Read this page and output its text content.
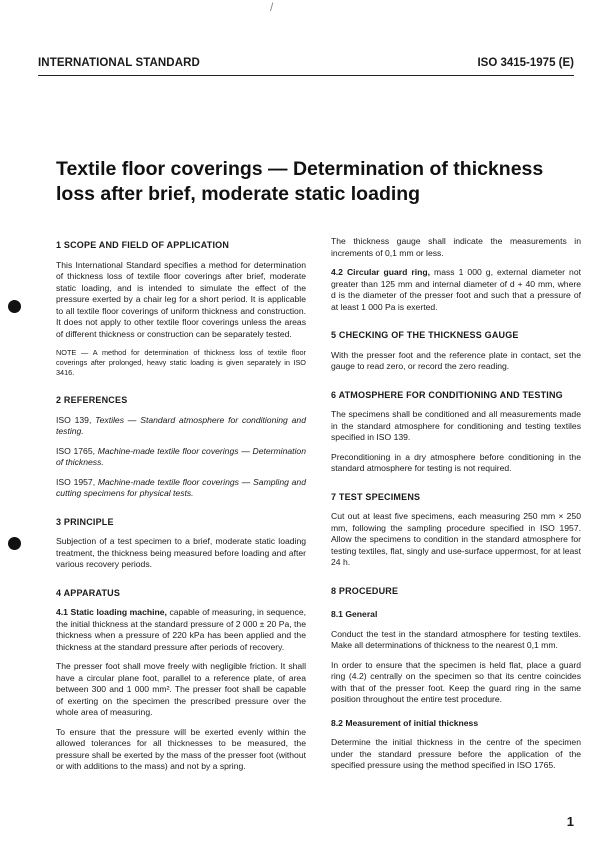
/
INTERNATIONAL STANDARD	ISO 3415-1975 (E)
Textile floor coverings — Determination of thickness loss after brief, moderate static loading
1 SCOPE AND FIELD OF APPLICATION

This International Standard specifies a method for determination of thickness loss of textile floor coverings after brief, moderate static loading, and is intended to simulate the effect of the pressure exerted by a chair leg for a short period. It is applicable to all textile floor coverings of uniform thickness and construction. It does not apply to other textile floor coverings unless the areas of different thickness or construction can be separately tested.

NOTE — A method for determination of thickness loss of textile floor coverings after prolonged, heavy static loading is given separately in ISO 3416.

2 REFERENCES

ISO 139, Textiles — Standard atmosphere for conditioning and testing.

ISO 1765, Machine-made textile floor coverings — Determination of thickness.

ISO 1957, Machine-made textile floor coverings — Sampling and cutting specimens for physical tests.

3 PRINCIPLE

Subjection of a test specimen to a brief, moderate static loading treatment, the thickness being measured before loading and after various recovery periods.

4 APPARATUS

4.1 Static loading machine, capable of measuring, in sequence, the initial thickness at the standard pressure of 2 000 ± 20 Pa, the thickness when a pressure of 220 kPa has been applied and the thickness at the standard pressure after periods of recovery.

The presser foot shall move freely with negligible friction. It shall have a circular plane foot, parallel to a reference plate, of area between 300 and 1 000 mm². The presser foot shall be capable of exerting on the specimen the prescribed pressure over the whole area of measuring.

To ensure that the pressure will be exerted evenly within the allowed tolerances for all thicknesses to be measured, the pressure shall be exerted by the mass of the presser foot (without or with additions to the mass) and not by a spring.

The thickness gauge shall indicate the measurements in increments of 0,1 mm or less.

4.2 Circular guard ring, mass 1 000 g, external diameter not greater than 125 mm and internal diameter of d + 40 mm, where d is the diameter of the presser foot and such that a pressure of at least 1 000 Pa is exerted.

5 CHECKING OF THE THICKNESS GAUGE

With the presser foot and the reference plate in contact, set the gauge to read zero, or record the zero reading.

6 ATMOSPHERE FOR CONDITIONING AND TESTING

The specimens shall be conditioned and all measurements made in the standard atmosphere for conditioning and testing textiles specified in ISO 139.

Preconditioning in a dry atmosphere before conditioning in the standard atmosphere for testing is not required.

7 TEST SPECIMENS

Cut out at least five specimens, each measuring 250 mm × 250 mm, following the sampling procedure specified in ISO 1957. Allow the specimens to condition in the standard atmosphere for testing textiles, flat, singly and use-surface uppermost, for at least 24 h.

8 PROCEDURE
8.1 General

Conduct the test in the standard atmosphere for testing textiles. Make all determinations of thickness to the nearest 0,1 mm.

In order to ensure that the specimen is held flat, place a guard ring (4.2) centrally on the specimen so that its centre coincides with that of the presser foot. Keep the guard ring in the same position throughout the entire test procedure.

8.2 Measurement of initial thickness

Determine the initial thickness in the centre of the specimen under the standard pressure before the application of the specified pressure using the method specified in ISO 1765.

1
